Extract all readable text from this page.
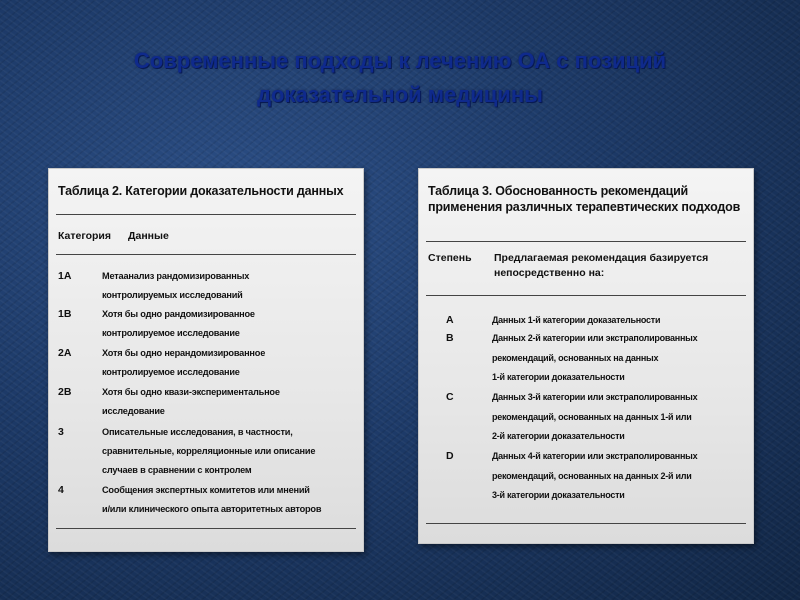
Современные подходы к лечению ОА с позиций
доказательной медицины
Таблица 2. Категории доказательности данных
Категория Данные
1A	Метаанализ рандомизированных
контролируемых исследований
1B	Хотя бы одно рандомизированное
контролируемое исследование
2A	Хотя бы одно нерандомизированное
контролируемое исследование
2B	Хотя бы одно квази-экспериментальное
исследование
3	Описательные исследования, в частности,
сравнительные, корреляционные или описание
случаев в сравнении с контролем
4	Сообщения экспертных комитетов или мнений
и/или клинического опыта авторитетных авторов
Таблица 3. Обоснованность рекомендаций
применения различных терапевтических подходов
Степень Предлагаемая рекомендация базируется
непосредственно на:
A	Данных 1-й категории доказательности
B	Данных 2-й категории или экстраполированных
рекомендаций, основанных на данных
1-й категории доказательности
C	Данных 3-й категории или экстраполированных
рекомендаций, основанных на данных 1-й или
2-й категории доказательности
D	Данных 4-й категории или экстраполированных
рекомендаций, основанных на данных 2-й или
3-й категории доказательности
